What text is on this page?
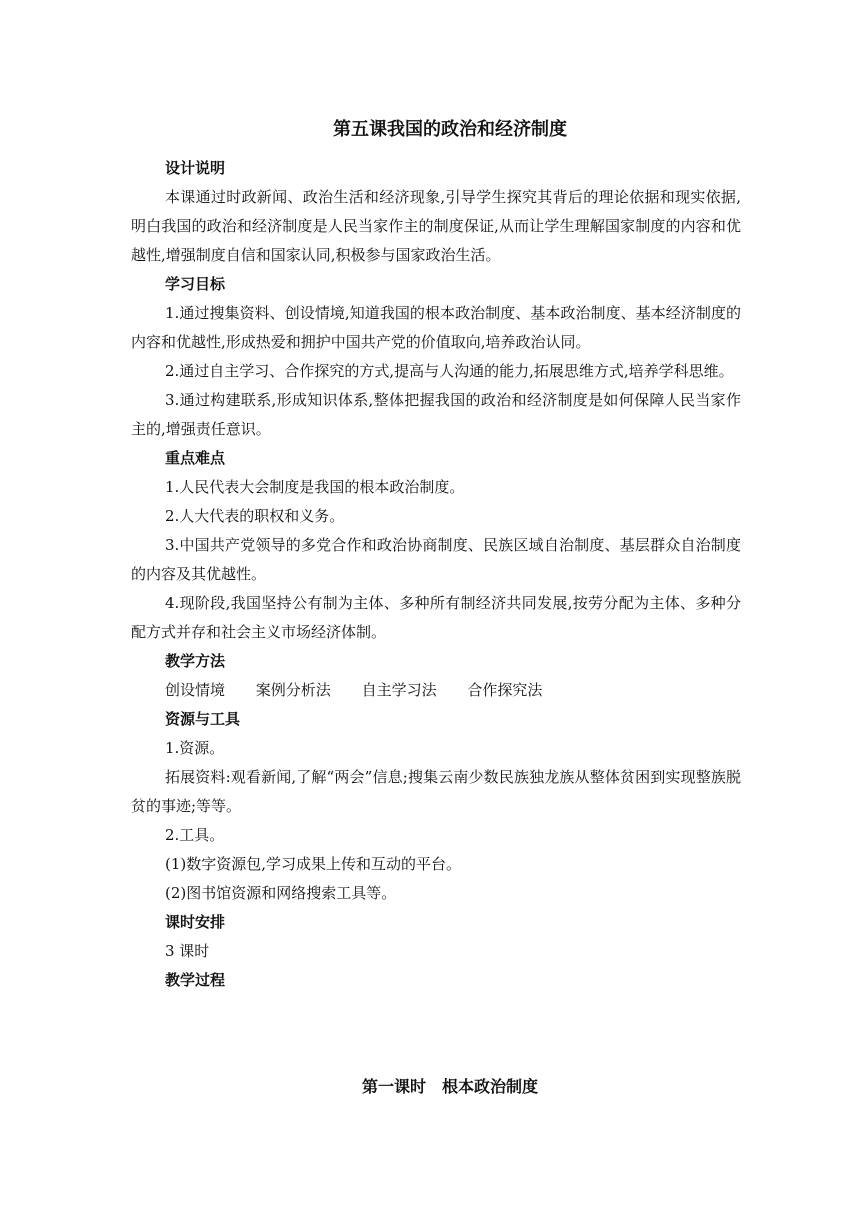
第五课我国的政治和经济制度
设计说明
本课通过时政新闻、政治生活和经济现象,引导学生探究其背后的理论依据和现实依据,明白我国的政治和经济制度是人民当家作主的制度保证,从而让学生理解国家制度的内容和优越性,增强制度自信和国家认同,积极参与国家政治生活。
学习目标
1.通过搜集资料、创设情境,知道我国的根本政治制度、基本政治制度、基本经济制度的内容和优越性,形成热爱和拥护中国共产党的价值取向,培养政治认同。
2.通过自主学习、合作探究的方式,提高与人沟通的能力,拓展思维方式,培养学科思维。
3.通过构建联系,形成知识体系,整体把握我国的政治和经济制度是如何保障人民当家作主的,增强责任意识。
重点难点
1.人民代表大会制度是我国的根本政治制度。
2.人大代表的职权和义务。
3.中国共产党领导的多党合作和政治协商制度、民族区域自治制度、基层群众自治制度的内容及其优越性。
4.现阶段,我国坚持公有制为主体、多种所有制经济共同发展,按劳分配为主体、多种分配方式并存和社会主义市场经济体制。
教学方法
创设情境 案例分析法 自主学习法 合作探究法
资源与工具
1.资源。
拓展资料:观看新闻,了解“两会”信息;搜集云南少数民族独龙族从整体贫困到实现整族脱贫的事迹;等等。
2.工具。
(1)数字资源包,学习成果上传和互动的平台。
(2)图书馆资源和网络搜索工具等。
课时安排
3 课时
教学过程
第一课时　根本政治制度
